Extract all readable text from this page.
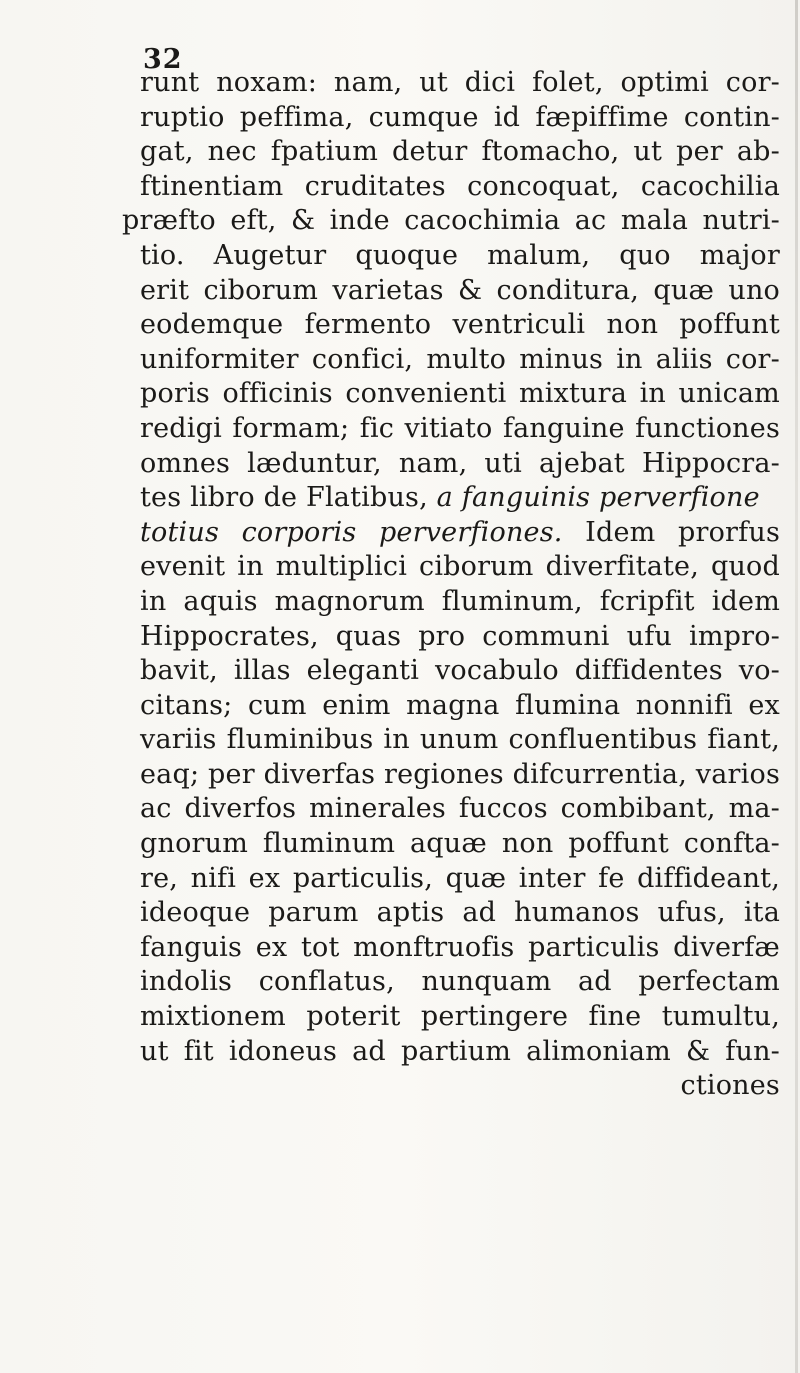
32
runt noxam: nam, ut dici folet, optimi cor-
ruptio peffima, cumque id fæpiffime contin-
gat, nec fpatium detur ftomacho, ut per ab-
ftinentiam cruditates concoquat, cacochilia
præfto eft, & inde cacochimia ac mala nutri-
tio. Augetur quoque malum, quo major
erit ciborum varietas & conditura, quæ uno
eodemque fermento ventriculi non poffunt
uniformiter confici, multo minus in aliis cor-
poris officinis convenienti mixtura in unicam
redigi formam; fic vitiato fanguine functiones
omnes læduntur, nam, uti ajebat Hippocra-
tes libro de Flatibus, a fanguinis perverfione
totius corporis perverfiones. Idem prorfus
evenit in multiplici ciborum diverfitate, quod
in aquis magnorum fluminum, fcripfit idem
Hippocrates, quas pro communi ufu impro-
bavit, illas eleganti vocabulo diffidentes vo-
citans; cum enim magna flumina nonnifi ex
variis fluminibus in unum confluentibus fiant,
eaq; per diverfas regiones difcurrentia, varios
ac diverfos minerales fuccos combibant, ma-
gnorum fluminum aquæ non poffunt confta-
re, nifi ex particulis, quæ inter fe diffideant,
ideoque parum aptis ad humanos ufus, ita
fanguis ex tot monftruofis particulis diverfæ
indolis conflatus, nunquam ad perfectam
mixtionem poterit pertingere fine tumultu,
ut fit idoneus ad partium alimoniam & fun-
ctiones
